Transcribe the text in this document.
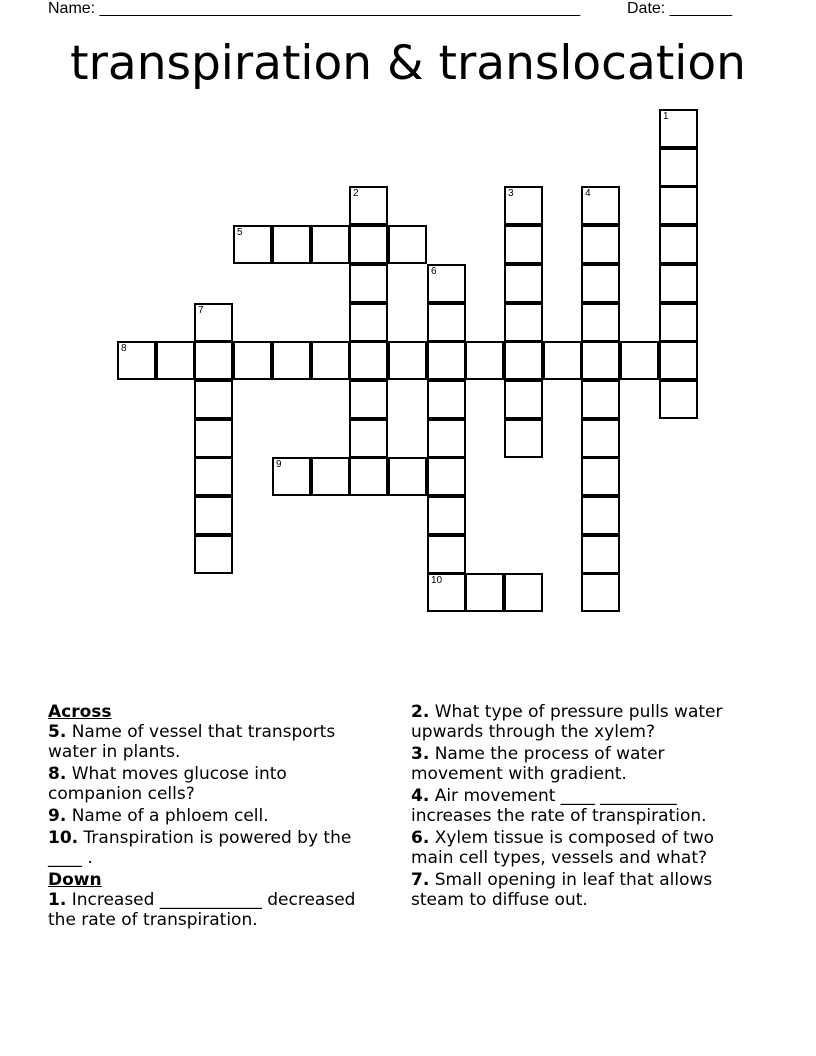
Name: ______________________________________________________	Date: _______
transpiration & translocation
1
2	3	4
5
6
10
7
8
9
Across
5. Name of vessel that transports water in plants.
8. What moves glucose into companion cells?
9. Name of a phloem cell.
10. Transpiration is powered by the ____ .
Down
1. Increased ____________ decreased the rate of transpiration.
2. What type of pressure pulls water upwards through the xylem?
3. Name the process of water movement with gradient.
4. Air movement ____ _________ increases the rate of transpiration.
6. Xylem tissue is composed of two main cell types, vessels and what?
7. Small opening in leaf that allows steam to diffuse out.
